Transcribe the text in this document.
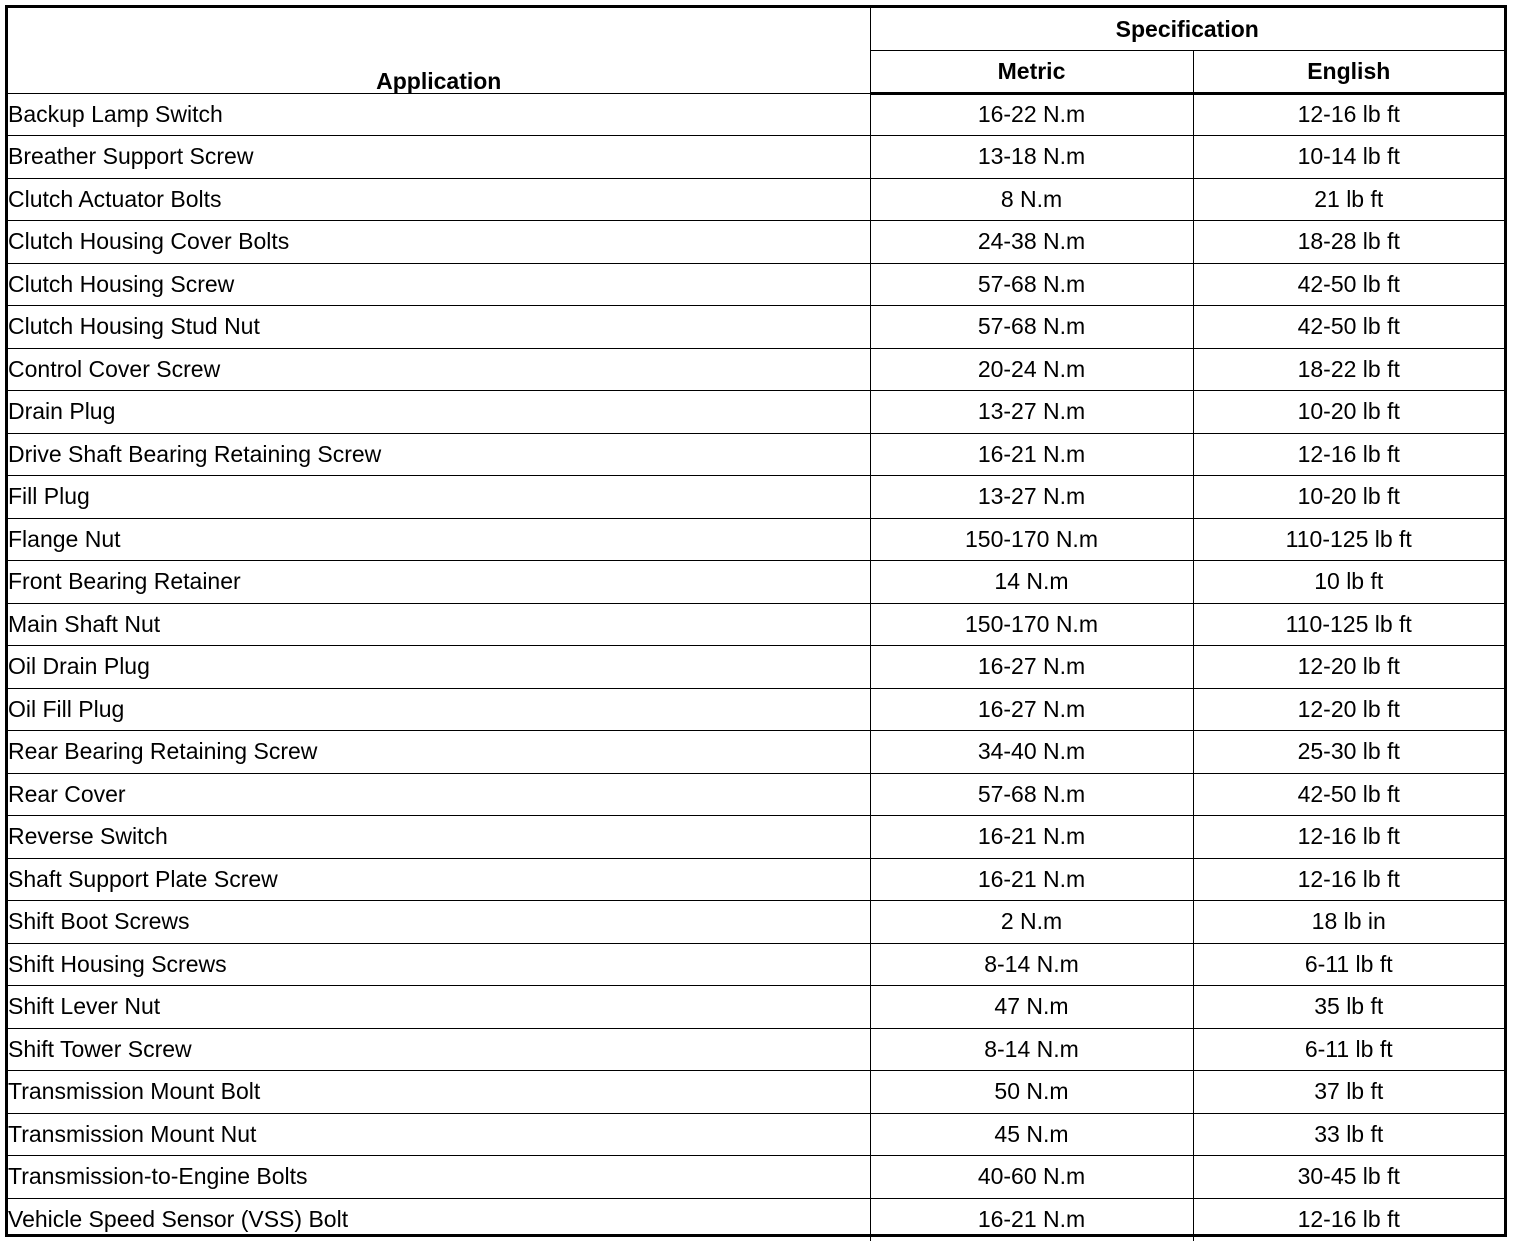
Application	Specification	
	Metric	English
Backup Lamp Switch	16-22 N.m	12-16 lb ft
Breather Support Screw	13-18 N.m	10-14 lb ft
Clutch Actuator Bolts	8 N.m	21 lb ft
Clutch Housing Cover Bolts	24-38 N.m	18-28 lb ft
Clutch Housing Screw	57-68 N.m	42-50 lb ft
Clutch Housing Stud Nut	57-68 N.m	42-50 lb ft
Control Cover Screw	20-24 N.m	18-22 lb ft
Drain Plug	13-27 N.m	10-20 lb ft
Drive Shaft Bearing Retaining Screw	16-21 N.m	12-16 lb ft
Fill Plug	13-27 N.m	10-20 lb ft
Flange Nut	150-170 N.m	110-125 lb ft
Front Bearing Retainer	14 N.m	10 lb ft
Main Shaft Nut	150-170 N.m	110-125 lb ft
Oil Drain Plug	16-27 N.m	12-20 lb ft
Oil Fill Plug	16-27 N.m	12-20 lb ft
Rear Bearing Retaining Screw	34-40 N.m	25-30 lb ft
Rear Cover	57-68 N.m	42-50 lb ft
Reverse Switch	16-21 N.m	12-16 lb ft
Shaft Support Plate Screw	16-21 N.m	12-16 lb ft
Shift Boot Screws	2 N.m	18 lb in
Shift Housing Screws	8-14 N.m	6-11 lb ft
Shift Lever Nut	47 N.m	35 lb ft
Shift Tower Screw	8-14 N.m	6-11 lb ft
Transmission Mount Bolt	50 N.m	37 lb ft
Transmission Mount Nut	45 N.m	33 lb ft
Transmission-to-Engine Bolts	40-60 N.m	30-45 lb ft
Vehicle Speed Sensor (VSS) Bolt	16-21 N.m	12-16 lb ft
